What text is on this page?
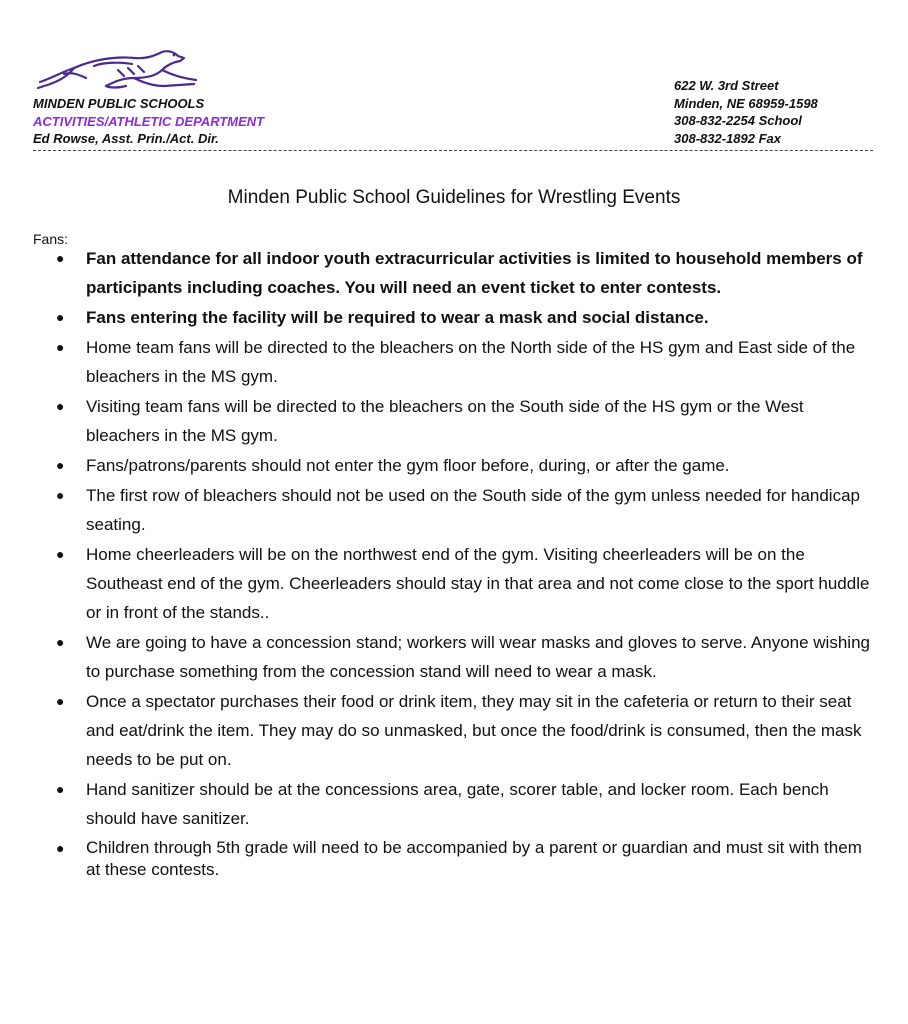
MINDEN PUBLIC SCHOOLS
ACTIVITIES/ATHLETIC DEPARTMENT
Ed Rowse, Asst. Prin./Act. Dir.
622 W. 3rd Street
Minden, NE 68959-1598
308-832-2254 School
308-832-1892 Fax
Minden Public School Guidelines for Wrestling Events
Fans:
● Fan attendance for all indoor youth extracurricular activities is limited to household members of participants including coaches. You will need an event ticket to enter contests.
● Fans entering the facility will be required to wear a mask and social distance.
● Home team fans will be directed to the bleachers on the North side of the HS gym and East side of the bleachers in the MS gym.
● Visiting team fans will be directed to the bleachers on the South side of the HS gym or the West bleachers in the MS gym.
● Fans/patrons/parents should not enter the gym floor before, during, or after the game.
● The first row of bleachers should not be used on the South side of the gym unless needed for handicap seating.
● Home cheerleaders will be on the northwest end of the gym. Visiting cheerleaders will be on the Southeast end of the gym. Cheerleaders should stay in that area and not come close to the sport huddle or in front of the stands..
● We are going to have a concession stand; workers will wear masks and gloves to serve. Anyone wishing to purchase something from the concession stand will need to wear a mask.
● Once a spectator purchases their food or drink item, they may sit in the cafeteria or return to their seat and eat/drink the item. They may do so unmasked, but once the food/drink is consumed, then the mask needs to be put on.
● Hand sanitizer should be at the concessions area, gate, scorer table, and locker room. Each bench should have sanitizer.
● Children through 5th grade will need to be accompanied by a parent or guardian and must sit with them at these contests.
